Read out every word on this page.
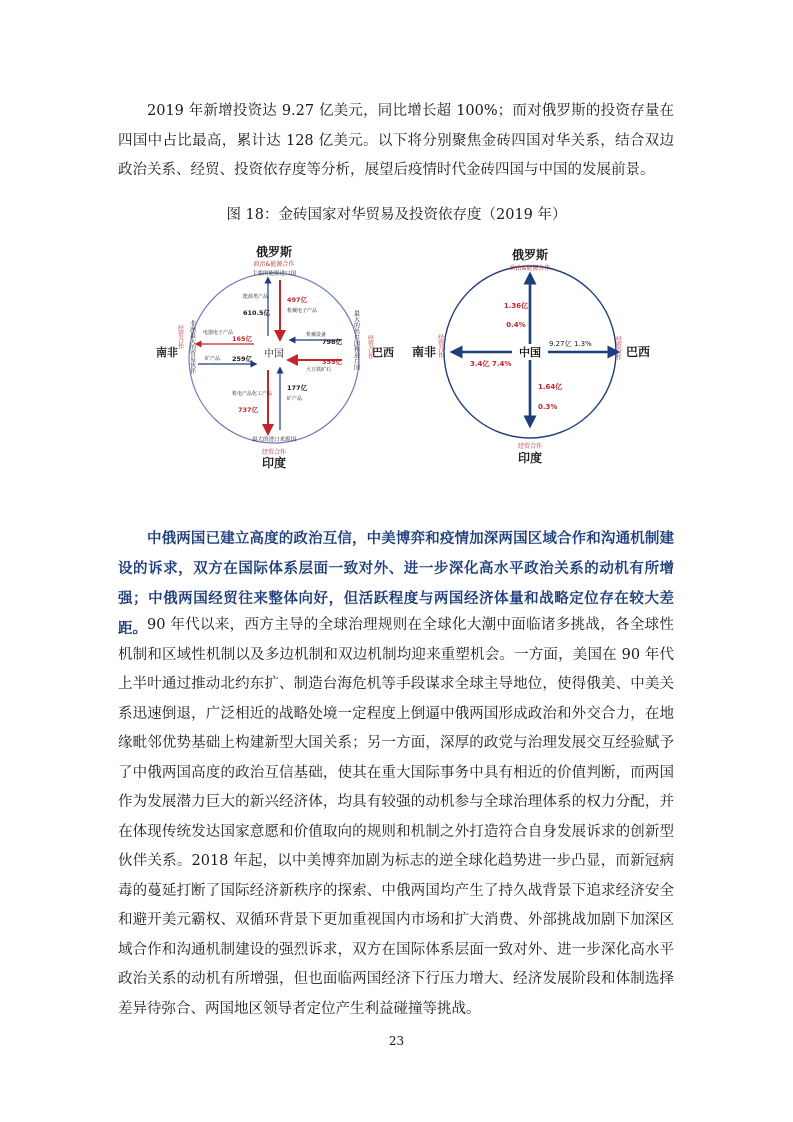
2019 年新增投资达 9.27 亿美元，同比增长超 100%；而对俄罗斯的投资存量在四国中占比最高，累计达 128 亿美元。以下将分别聚焦金砖四国对华关系，结合双边政治关系、经贸、投资依存度等分析，展望后疫情时代金砖四国与中国的发展前景。

图 18：金砖国家对华贸易及投资依存度（2019 年）
俄罗斯
政治&能源合作
主要的能源进口国
中国
南非
经贸合作 非洲最大的贸易伙伴	巴西
经贸合作
最大的出口国和进口国
最大的进口来源国
经贸合作
印度
能源类产品
610.5亿
497亿
机械电子产品
电器电子产品
165亿
矿产品 259亿
机械设备
798亿
355亿
大豆铁矿石
机电产品化工产品
737亿
177亿
矿产品
中国
俄罗斯
政治&能源合作
1.36亿
0.4%
巴西
经贸合作
9.27亿 1.3%
南非 经贸合作
3.4亿 7.4%
1.64亿
0.3%
经贸合作
印度
中俄两国已建立高度的政治互信，中美博弈和疫情加深两国区域合作和沟通机制建设的诉求，双方在国际体系层面一致对外、进一步深化高水平政治关系的动机有所增强；中俄两国经贸往来整体向好，但活跃程度与两国经济体量和战略定位存在较大差距。 90 年代以来，西方主导的全球治理规则在全球化大潮中面临诸多挑战，各全球性机制和区域性机制以及多边机制和双边机制均迎来重塑机会。一方面，美国在 90 年代上半叶通过推动北约东扩、制造台海危机等手段谋求全球主导地位，使得俄美、中美关系迅速倒退，广泛相近的战略处境一定程度上倒逼中俄两国形成政治和外交合力，在地缘毗邻优势基础上构建新型大国关系；另一方面，深厚的政党与治理发展交互经验赋予了中俄两国高度的政治互信基础，使其在重大国际事务中具有相近的价值判断，而两国作为发展潜力巨大的新兴经济体，均具有较强的动机参与全球治理体系的权力分配，并在体现传统发达国家意愿和价值取向的规则和机制之外打造符合自身发展诉求的创新型伙伴关系。2018 年起，以中美博弈加剧为标志的逆全球化趋势进一步凸显，而新冠病毒的蔓延打断了国际经济新秩序的探索、中俄两国均产生了持久战背景下追求经济安全和避开美元霸权、双循环背景下更加重视国内市场和扩大消费、外部挑战加剧下加深区域合作和沟通机制建设的强烈诉求，双方在国际体系层面一致对外、进一步深化高水平政治关系的动机有所增强，但也面临两国经济下行压力增大、经济发展阶段和体制选择差异待弥合、两国地区领导者定位产生利益碰撞等挑战。

23
